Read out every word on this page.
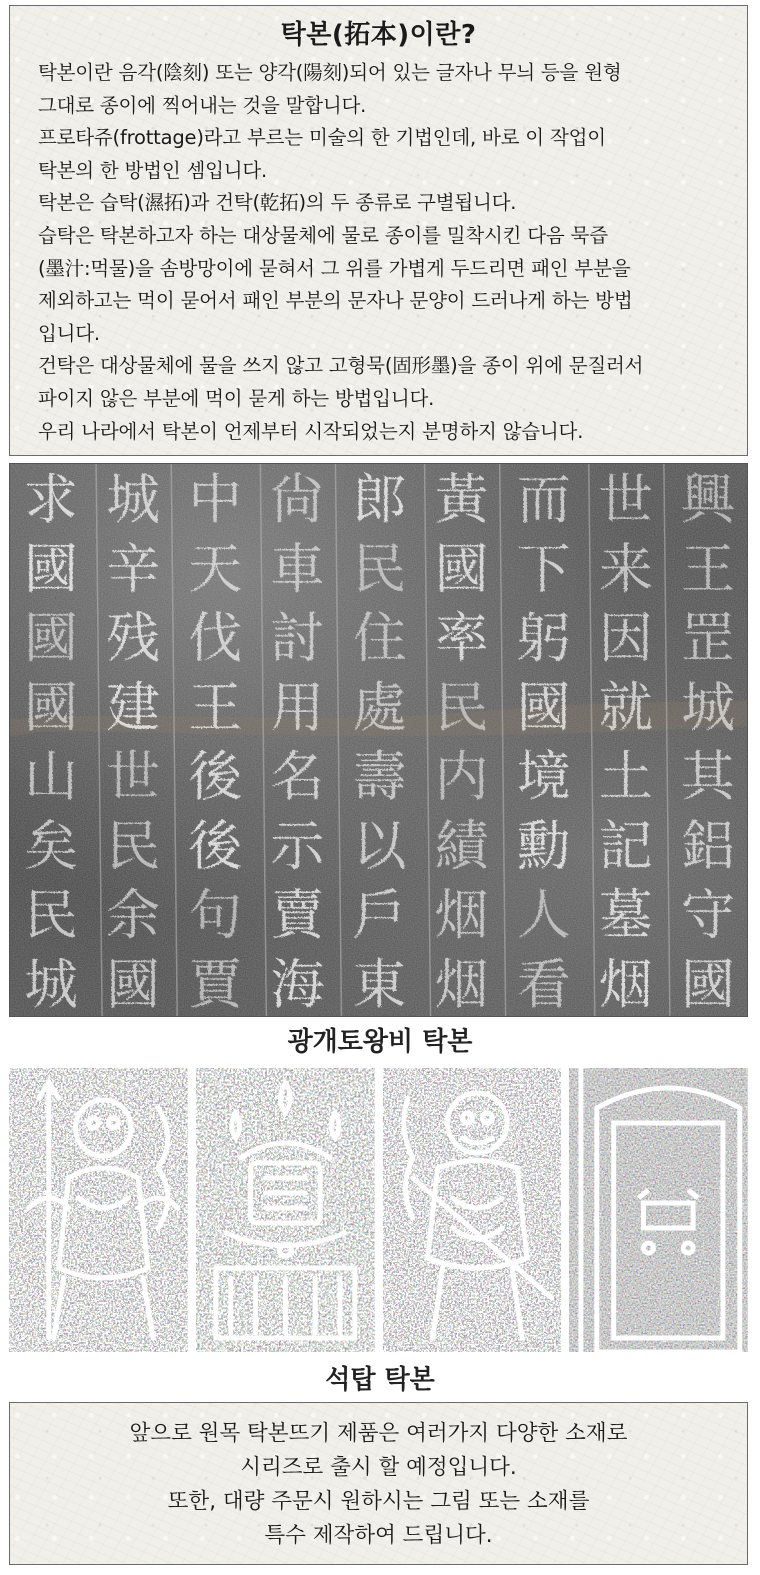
탁본(拓本)이란?

탁본이란 음각(陰刻) 또는 양각(陽刻)되어 있는 글자나 무늬 등을 원형

그대로 종이에 찍어내는 것을 말합니다.

프로타쥬(frottage)라고 부르는 미술의 한 기법인데, 바로 이 작업이

탁본의 한 방법인 셈입니다.

탁본은 습탁(濕拓)과 건탁(乾拓)의 두 종류로 구별됩니다.

습탁은 탁본하고자 하는 대상물체에 물로 종이를 밀착시킨 다음 묵즙

(墨汁:먹물)을 솜방망이에 묻혀서 그 위를 가볍게 두드리면 패인 부분을

제외하고는 먹이 묻어서 패인 부분의 문자나 문양이 드러나게 하는 방법

입니다.

건탁은 대상물체에 물을 쓰지 않고 고형묵(固形墨)을 종이 위에 문질러서

파이지 않은 부분에 먹이 묻게 하는 방법입니다.

우리 나라에서 탁본이 언제부터 시작되었는지 분명하지 않습니다.

興
世
而
黃
郎
尙
中
城
求
王
来
下
國
民
車
天
辛
國
罡
因
躬
率
住
討
伐
残
國
城
就
國
民
處
用
王
建
國
其
土
境
内
壽
名
後
世
山
鋁
記
勳
績
以
示
後
民
矣
守
墓
人
烟
戶
賣
句
余
民
國
烟
看
烟
東
海
賈
國
城
광개토왕비 탁본
석탑 탁본

앞으로 원목 탁본뜨기 제품은 여러가지 다양한 소재로

시리즈로 출시 할 예정입니다.

또한, 대량 주문시 원하시는 그림 또는 소재를

특수 제작하여 드립니다.
